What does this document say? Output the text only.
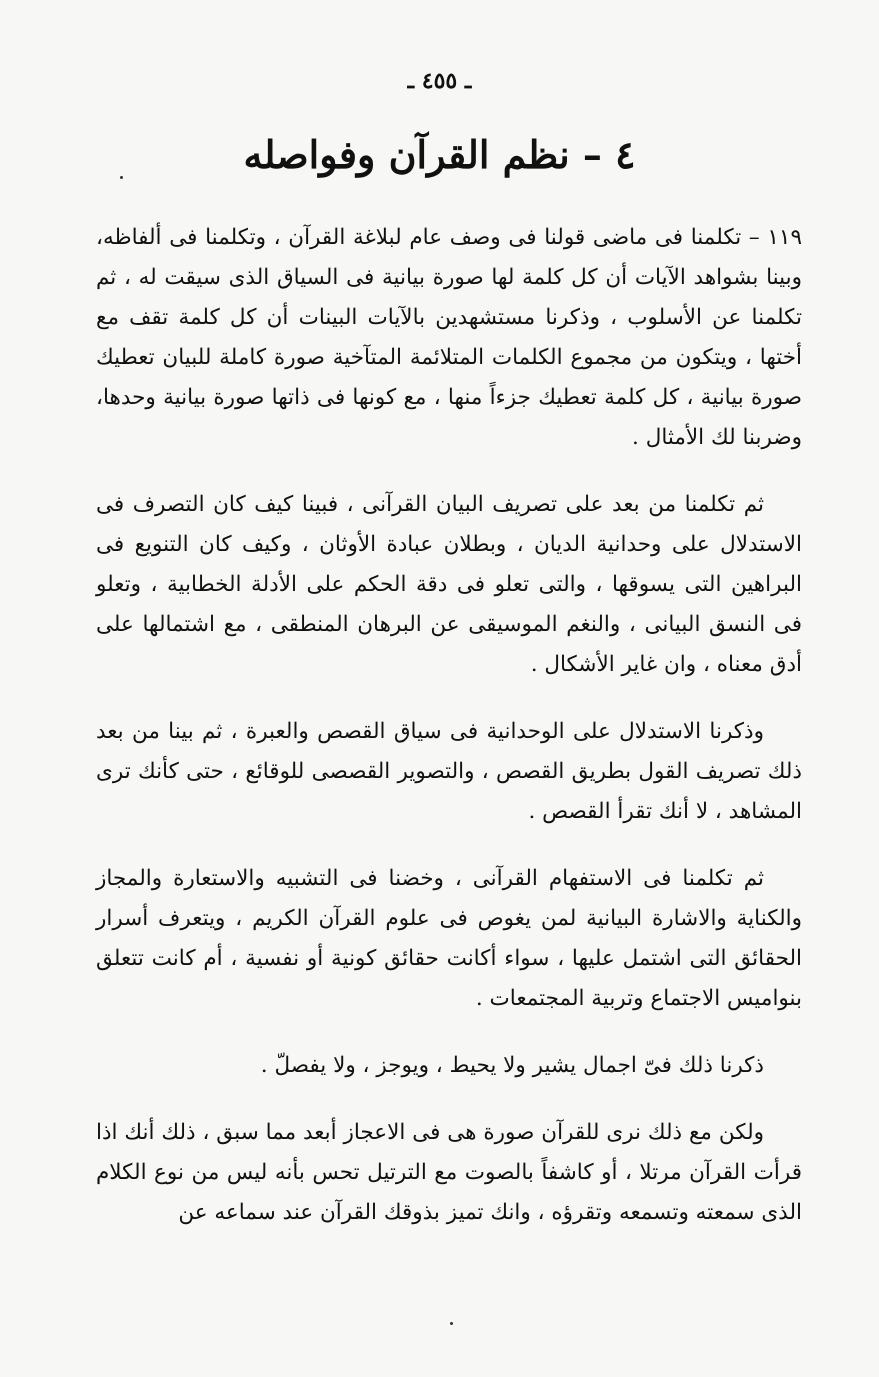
ـ ٤٥٥ ـ
٤ – نظم القرآن وفواصله

١١٩ – تكلمنا فى ماضى قولنا فى وصف عام لبلاغة القرآن ، وتكلمنا فى ألفاظه، وبينا بشواهد الآيات أن كل كلمة لها صورة بيانية فى السياق الذى سيقت له ، ثم تكلمنا عن الأسلوب ، وذكرنا مستشهدين بالآيات البينات أن كل كلمة تقف مع أختها ، ويتكون من مجموع الكلمات المتلائمة المتآخية صورة كاملة للبيان تعطيك صورة بيانية ، كل كلمة تعطيك جزءاً منها ، مع كونها فى ذاتها صورة بيانية وحدها، وضربنا لك الأمثال .

ثم تكلمنا من بعد على تصريف البيان القرآنى ، فبينا كيف كان التصرف فى الاستدلال على وحدانية الديان ، وبطلان عبادة الأوثان ، وكيف كان التنويع فى البراهين التى يسوقها ، والتى تعلو فى دقة الحكم على الأدلة الخطابية ، وتعلو فى النسق البيانى ، والنغم الموسيقى عن البرهان المنطقى ، مع اشتمالها على أدق معناه ، وان غاير الأشكال .

وذكرنا الاستدلال على الوحدانية فى سياق القصص والعبرة ، ثم بينا من بعد ذلك تصريف القول بطريق القصص ، والتصوير القصصى للوقائع ، حتى كأنك ترى المشاهد ، لا أنك تقرأ القصص .

ثم تكلمنا فى الاستفهام القرآنى ، وخضنا فى التشبيه والاستعارة والمجاز والكناية والاشارة البيانية لمن يغوص فى علوم القرآن الكريم ، ويتعرف أسرار الحقائق التى اشتمل عليها ، سواء أكانت حقائق كونية أو نفسية ، أم كانت تتعلق بنواميس الاجتماع وتربية المجتمعات .

ذكرنا ذلك فىّ اجمال يشير ولا يحيط ، ويوجز ، ولا يفصلّ .

ولكن مع ذلك نرى للقرآن صورة هى فى الاعجاز أبعد مما سبق ، ذلك أنك اذا قرأت القرآن مرتلا ، أو كاشفاً بالصوت مع الترتيل تحس بأنه ليس من نوع الكلام الذى سمعته وتسمعه وتقرؤه ، وانك تميز بذوقك القرآن عند سماعه عن
